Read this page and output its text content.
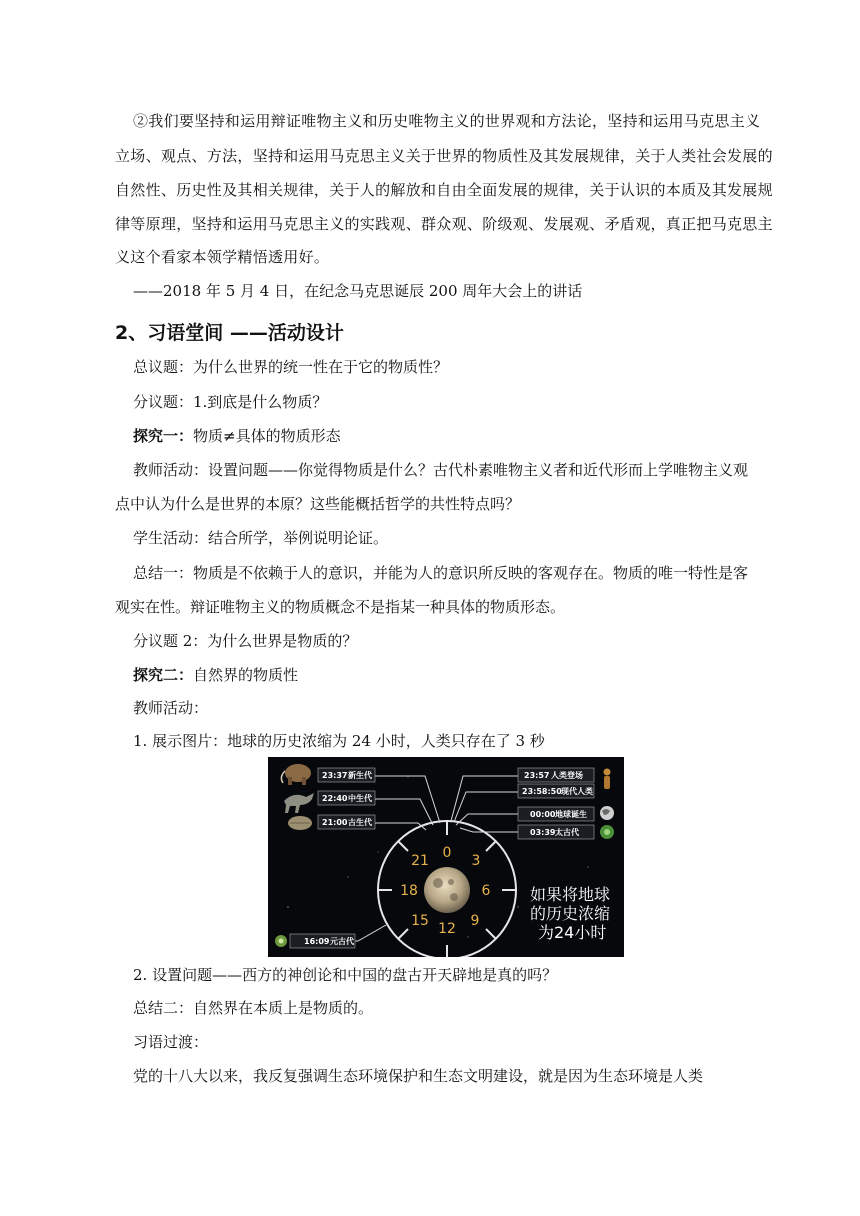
②我们要坚持和运用辩证唯物主义和历史唯物主义的世界观和方法论，坚持和运用马克思主义
立场、观点、方法，坚持和运用马克思主义关于世界的物质性及其发展规律，关于人类社会发展的
自然性、历史性及其相关规律，关于人的解放和自由全面发展的规律，关于认识的本质及其发展规
律等原理，坚持和运用马克思主义的实践观、群众观、阶级观、发展观、矛盾观，真正把马克思主
义这个看家本领学精悟透用好。
——2018 年 5 月 4 日，在纪念马克思诞辰 200 周年大会上的讲话
2、习语堂间 ——活动设计
总议题：为什么世界的统一性在于它的物质性？
分议题：1.到底是什么物质？
探究一：物质≠具体的物质形态
教师活动：设置问题——你觉得物质是什么？古代朴素唯物主义者和近代形而上学唯物主义观
点中认为什么是世界的本原？这些能概括哲学的共性特点吗？
学生活动：结合所学，举例说明论证。
总结一：物质是不依赖于人的意识，并能为人的意识所反映的客观存在。物质的唯一特性是客
观实在性。辩证唯物主义的物质概念不是指某一种具体的物质形态。
分议题 2：为什么世界是物质的？
探究二：自然界的物质性
教师活动：
1. 展示图片：地球的历史浓缩为 24 小时，人类只存在了 3 秒
0 3
6
9
12
15
18
21
23:37 新生代
22:40 中生代
21:00 古生代
23:57 人类登场
23:58:50 现代人类
00:00 地球诞生
03:39 太古代
16:09 元古代
如果将地球
的历史浓缩
为24小时
2. 设置问题——西方的神创论和中国的盘古开天辟地是真的吗？
总结二：自然界在本质上是物质的。
习语过渡：
党的十八大以来，我反复强调生态环境保护和生态文明建设，就是因为生态环境是人类
